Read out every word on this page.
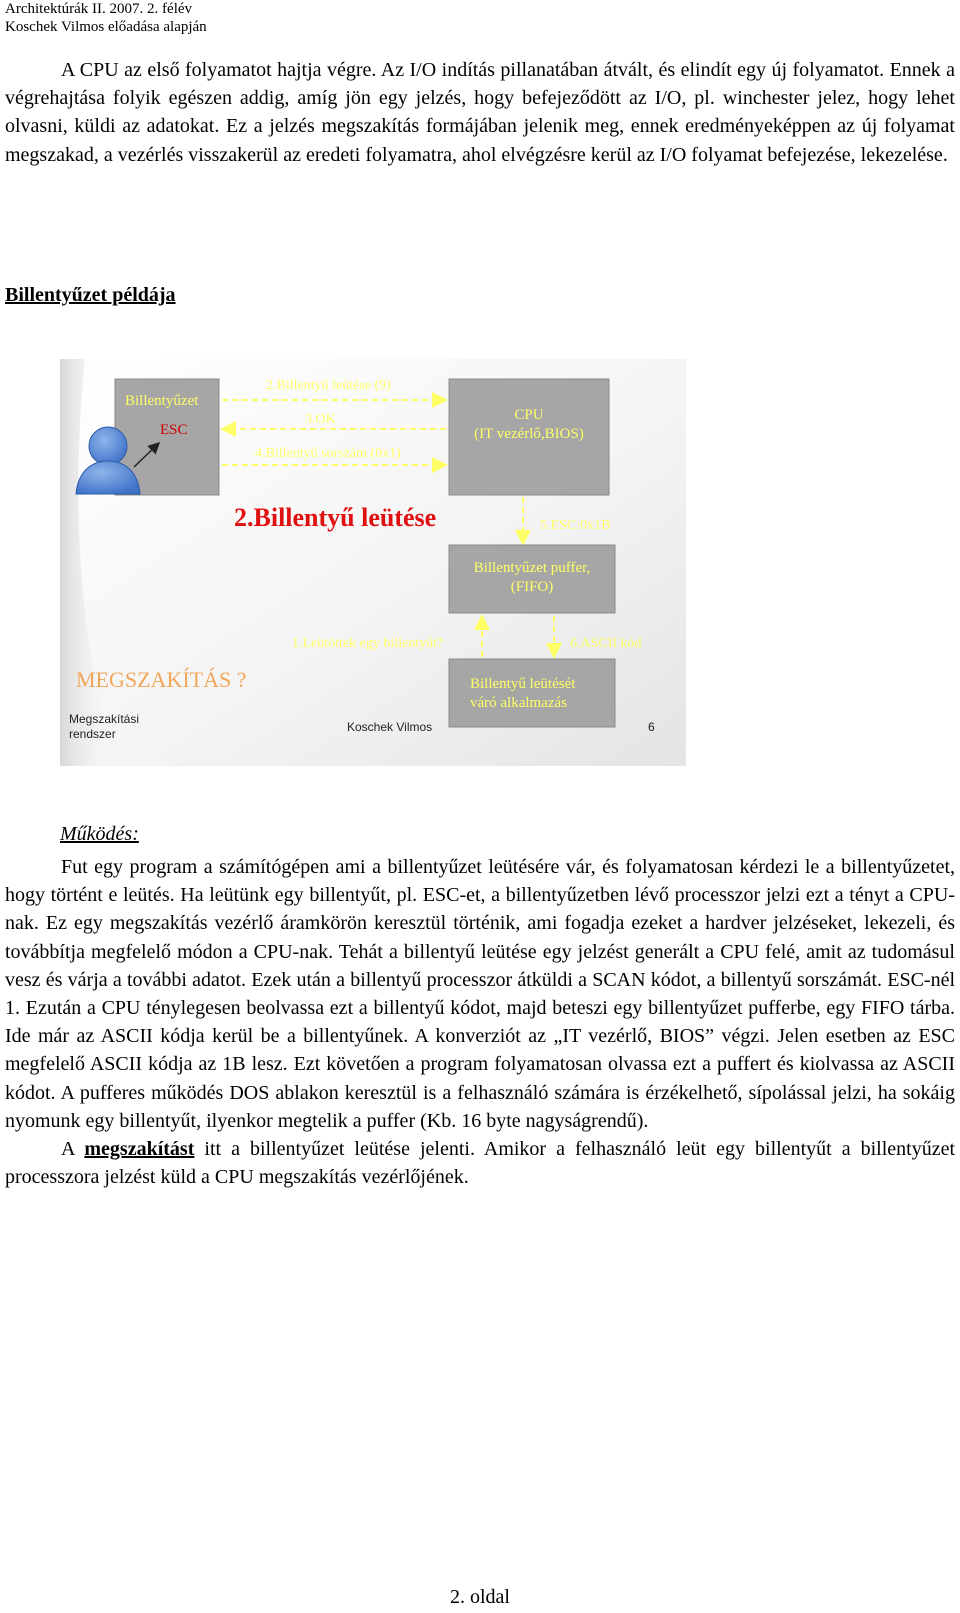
Architektúrák II. 2007. 2. félév
Koschek Vilmos előadása alapján

A CPU az első folyamatot hajtja végre. Az I/O indítás pillanatában átvált, és elindít egy új folyamatot. Ennek a végrehajtása folyik egészen addig, amíg jön egy jelzés, hogy befejeződött az I/O, pl. winchester jelez, hogy lehet olvasni, küldi az adatokat. Ez a jelzés megszakítás formájában jelenik meg, ennek eredményeképpen az új folyamat megszakad, a vezérlés visszakerül az eredeti folyamatra, ahol elvégzésre kerül az I/O folyamat befejezése, lekezelése.

Billentyűzet példája
Billentyűzet
ESC
CPU
(IT vezérlő,BIOS)
2.Billentyű leütése (9)
3.OK
4.Billentyű sorszám (0x1)
2.Billentyű leütése	5.ESC:0x1B
Billentyűzet puffer,
(FIFO)
1.Leütöttek egy billentyűt?	6.ASCII kód
Billentyű leütését
váró alkalmazás
MEGSZAKÍTÁS ?
Megszakítási
rendszer	Koschek Vilmos	6
Működés:

Fut egy program a számítógépen ami a billentyűzet leütésére vár, és folyamatosan kérdezi le a billentyűzetet, hogy történt e leütés. Ha leütünk egy billentyűt, pl. ESC-et, a billentyűzetben lévő processzor jelzi ezt a tényt a CPU-nak. Ez egy megszakítás vezérlő áramkörön keresztül történik, ami fogadja ezeket a hardver jelzéseket, lekezeli, és továbbítja megfelelő módon a CPU-nak. Tehát a billentyű leütése egy jelzést generált a CPU felé, amit az tudomásul vesz és várja a további adatot. Ezek után a billentyű processzor átküldi a SCAN kódot, a billentyű sorszámát. ESC-nél 1. Ezután a CPU ténylegesen beolvassa ezt a billentyű kódot, majd beteszi egy billentyűzet pufferbe, egy FIFO tárba. Ide már az ASCII kódja kerül be a billentyűnek. A konverziót az „IT vezérlő, BIOS” végzi. Jelen esetben az ESC megfelelő ASCII kódja az 1B lesz. Ezt követően a program folyamatosan olvassa ezt a puffert és kiolvassa az ASCII kódot. A pufferes működés DOS ablakon keresztül is a felhasználó számára is érzékelhető, sípolással jelzi, ha sokáig nyomunk egy billentyűt, ilyenkor megtelik a puffer (Kb. 16 byte nagyságrendű).

A megszakítást itt a billentyűzet leütése jelenti. Amikor a felhasználó leüt egy billentyűt a billentyűzet processzora jelzést küld a CPU megszakítás vezérlőjének.

2. oldal
